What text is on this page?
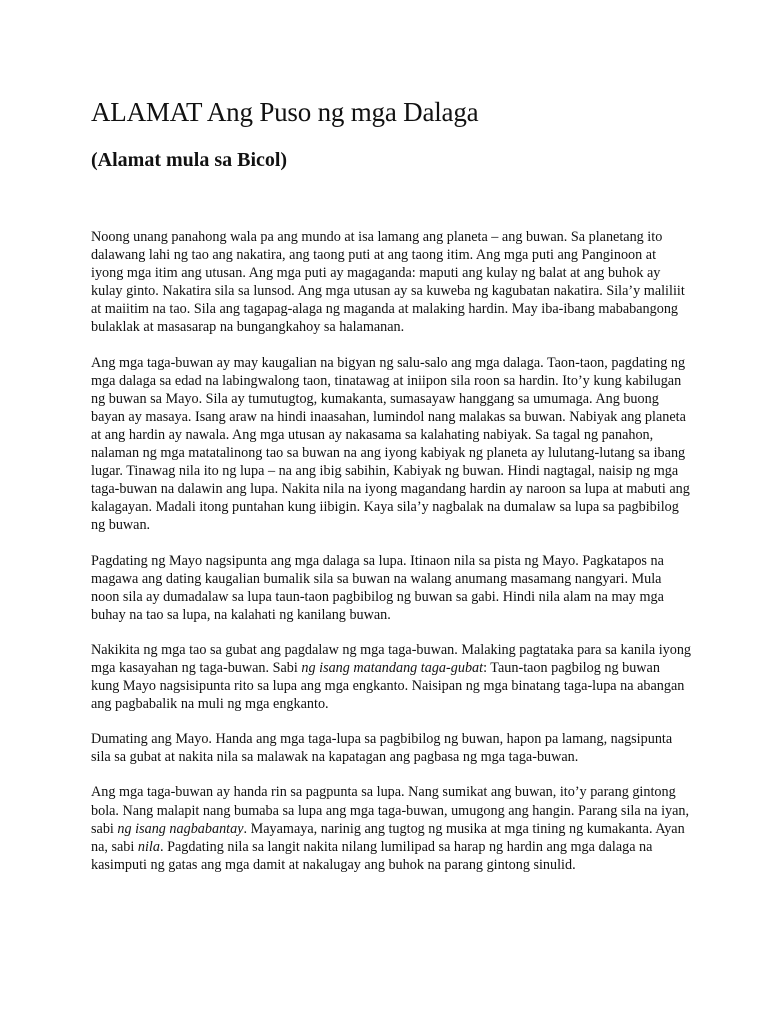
ALAMAT Ang Puso ng mga Dalaga
(Alamat mula sa Bicol)

Noong unang panahong wala pa ang mundo at isa lamang ang planeta – ang buwan. Sa planetang ito dalawang lahi ng tao ang nakatira, ang taong puti at ang taong itim. Ang mga puti ang Panginoon at iyong mga itim ang utusan. Ang mga puti ay magaganda: maputi ang kulay ng balat at ang buhok ay kulay ginto. Nakatira sila sa lunsod. Ang mga utusan ay sa kuweba ng kagubatan nakatira. Sila’y maliliit at maiitim na tao. Sila ang tagapag-alaga ng maganda at malaking hardin. May iba-ibang mababangong bulaklak at masasarap na bungangkahoy sa halamanan.

Ang mga taga-buwan ay may kaugalian na bigyan ng salu-salo ang mga dalaga. Taon-taon, pagdating ng mga dalaga sa edad na labingwalong taon, tinatawag at iniipon sila roon sa hardin. Ito’y kung kabilugan ng buwan sa Mayo. Sila ay tumutugtog, kumakanta, sumasayaw hanggang sa umumaga. Ang buong bayan ay masaya. Isang araw na hindi inaasahan, lumindol nang malakas sa buwan. Nabiyak ang planeta at ang hardin ay nawala. Ang mga utusan ay nakasama sa kalahating nabiyak. Sa tagal ng panahon, nalaman ng mga matatalinong tao sa buwan na ang iyong kabiyak ng planeta ay lulutang-lutang sa ibang lugar. Tinawag nila ito ng lupa – na ang ibig sabihin, Kabiyak ng buwan. Hindi nagtagal, naisip ng mga taga-buwan na dalawin ang lupa. Nakita nila na iyong magandang hardin ay naroon sa lupa at mabuti ang kalagayan. Madali itong puntahan kung iibigin. Kaya sila’y nagbalak na dumalaw sa lupa sa pagbibilog ng buwan.

Pagdating ng Mayo nagsipunta ang mga dalaga sa lupa. Itinaon nila sa pista ng Mayo. Pagkatapos na magawa ang dating kaugalian bumalik sila sa buwan na walang anumang masamang nangyari. Mula noon sila ay dumadalaw sa lupa taun-taon pagbibilog ng buwan sa gabi. Hindi nila alam na may mga buhay na tao sa lupa, na kalahati ng kanilang buwan.

Nakikita ng mga tao sa gubat ang pagdalaw ng mga taga-buwan. Malaking pagtataka para sa kanila iyong mga kasayahan ng taga-buwan. Sabi ng isang matandang taga-gubat: Taun-taon pagbilog ng buwan kung Mayo nagsisipunta rito sa lupa ang mga engkanto. Naisipan ng mga binatang taga-lupa na abangan ang pagbabalik na muli ng mga engkanto.

Dumating ang Mayo. Handa ang mga taga-lupa sa pagbibilog ng buwan, hapon pa lamang, nagsipunta sila sa gubat at nakita nila sa malawak na kapatagan ang pagbasa ng mga taga-buwan.

Ang mga taga-buwan ay handa rin sa pagpunta sa lupa. Nang sumikat ang buwan, ito’y parang gintong bola. Nang malapit nang bumaba sa lupa ang mga taga-buwan, umugong ang hangin. Parang sila na iyan, sabi ng isang nagbabantay. Mayamaya, narinig ang tugtog ng musika at mga tining ng kumakanta. Ayan na, sabi nila. Pagdating nila sa langit nakita nilang lumilipad sa harap ng hardin ang mga dalaga na kasimputi ng gatas ang mga damit at nakalugay ang buhok na parang gintong sinulid.
